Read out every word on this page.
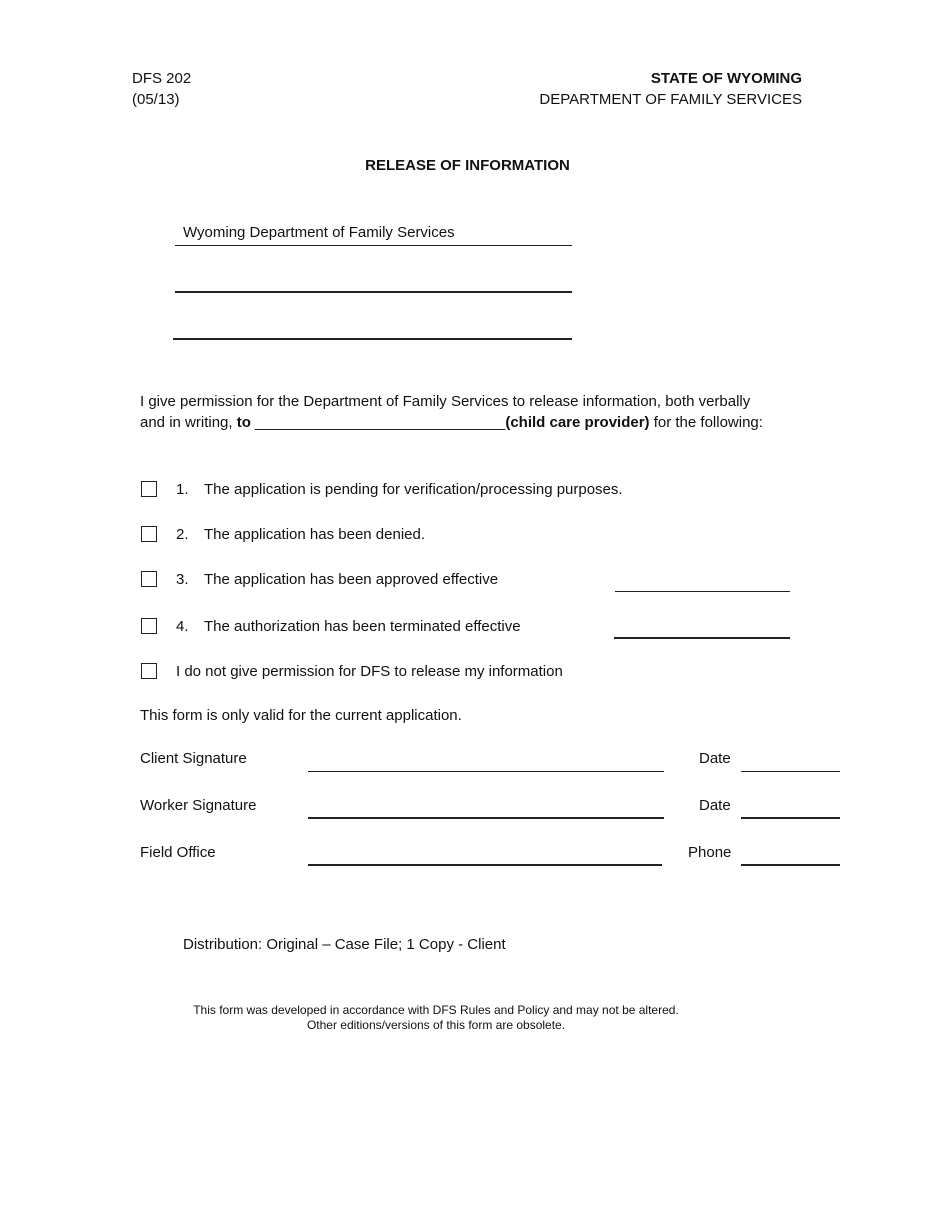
DFS 202
(05/13)
STATE OF WYOMING
DEPARTMENT OF FAMILY SERVICES
RELEASE OF INFORMATION
Wyoming Department of Family Services
I give permission for the Department of Family Services to release information, both verbally
and in writing, to ______________________________(child care provider) for the following:
1. The application is pending for verification/processing purposes.
2. The application has been denied.
3. The application has been approved effective
4. The authorization has been terminated effective
I do not give permission for DFS to release my information
This form is only valid for the current application.
Client Signature	Date
Worker Signature	Date
Field Office	Phone
Distribution: Original – Case File; 1 Copy - Client
This form was developed in accordance with DFS Rules and Policy and may not be altered.
Other editions/versions of this form are obsolete.
